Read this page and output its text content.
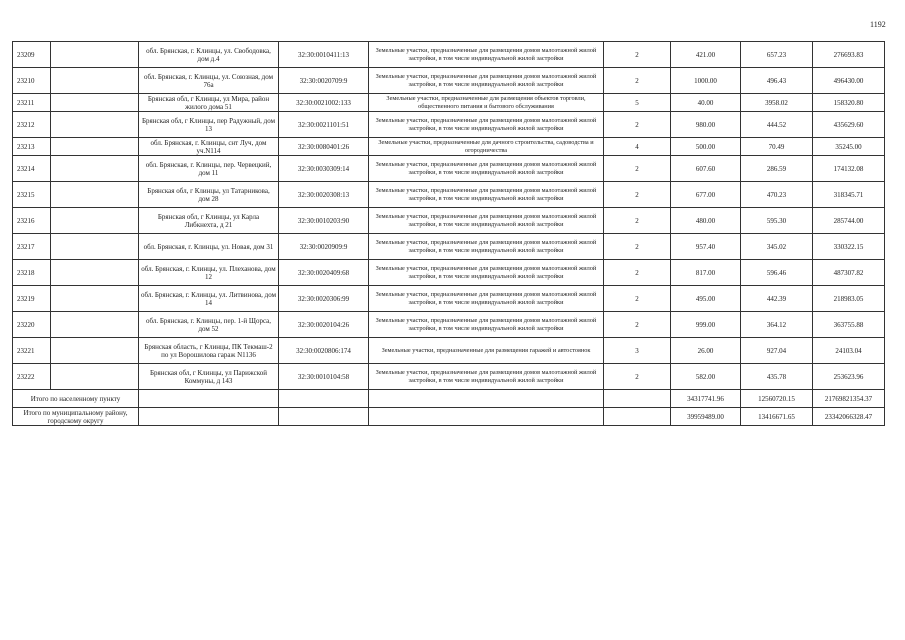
1192
23209		обл. Брянская, г. Клинцы, ул. Свободовка, дом д.4	32:30:0010411:13	Земельные участки, предназначенные для размещения домов малоэтажной жилой застройки, в том числе индивидуальной жилой застройки	2	421.00	657.23	276693.83
23210		обл. Брянская, г. Клинцы, ул. Союзная, дом 76а	32:30:0020709:9	Земельные участки, предназначенные для размещения домов малоэтажной жилой застройки, в том числе индивидуальной жилой застройки	2	1000.00	496.43	496430.00
23211		Брянская обл, г Клинцы, ул Мира, район жилого дома 51	32:30:0021002:133	Земельные участки, предназначенные для размещения объектов торговли, общественного питания и бытового обслуживания	5	40.00	3958.02	158320.80
23212		Брянская обл, г Клинцы, пер Радужный, дом 13	32:30:0021101:51	Земельные участки, предназначенные для размещения домов малоэтажной жилой застройки, в том числе индивидуальной жилой застройки	2	980.00	444.52	435629.60
23213		обл. Брянская, г. Клинцы, снт Луч, дом уч.N114	32:30:0080401:26	Земельные участки, предназначенные для дачного строительства, садоводства и огородничества	4	500.00	70.49	35245.00
23214		обл. Брянская, г. Клинцы, пер. Червецкий, дом 11	32:30:0030309:14	Земельные участки, предназначенные для размещения домов малоэтажной жилой застройки, в том числе индивидуальной жилой застройки	2	607.60	286.59	174132.08
23215		Брянская обл, г Клинцы, ул Татарникова, дом 28	32:30:0020308:13	Земельные участки, предназначенные для размещения домов малоэтажной жилой застройки, в том числе индивидуальной жилой застройки	2	677.00	470.23	318345.71
23216		Брянская обл, г Клинцы, ул Карла Либкнехта, д 21	32:30:0010203:90	Земельные участки, предназначенные для размещения домов малоэтажной жилой застройки, в том числе индивидуальной жилой застройки	2	480.00	595.30	285744.00
23217		обл. Брянская, г. Клинцы, ул. Новая, дом 31	32:30:0020909:9	Земельные участки, предназначенные для размещения домов малоэтажной жилой застройки, в том числе индивидуальной жилой застройки	2	957.40	345.02	330322.15
23218		обл. Брянская, г. Клинцы, ул. Плеханова, дом 12	32:30:0020409:68	Земельные участки, предназначенные для размещения домов малоэтажной жилой застройки, в том числе индивидуальной жилой застройки	2	817.00	596.46	487307.82
23219		обл. Брянская, г. Клинцы, ул. Литвинова, дом 14	32:30:0020306:99	Земельные участки, предназначенные для размещения домов малоэтажной жилой застройки, в том числе индивидуальной жилой застройки	2	495.00	442.39	218983.05
23220		обл. Брянская, г. Клинцы, пер. 1-й Щорса, дом 52	32:30:0020104:26	Земельные участки, предназначенные для размещения домов малоэтажной жилой застройки, в том числе индивидуальной жилой застройки	2	999.00	364.12	363755.88
23221		Брянская область, г Клинцы, ПК Текмаш-2 по ул Ворошилова гараж N1136	32:30:0020806:174	Земельные участки, предназначенные для размещения гаражей и автостоянок	3	26.00	927.04	24103.04
23222		Брянская обл, г Клинцы, ул Парижской Коммуны, д 143	32:30:0010104:58	Земельные участки, предназначенные для размещения домов малоэтажной жилой застройки, в том числе индивидуальной жилой застройки	2	582.00	435.78	253623.96
Итого по населенному пункту						34317741.96	12560720.15	21769821354.37
Итого по муниципальному району, городскому округу						39959489.00	13416671.65	23342066328.47
